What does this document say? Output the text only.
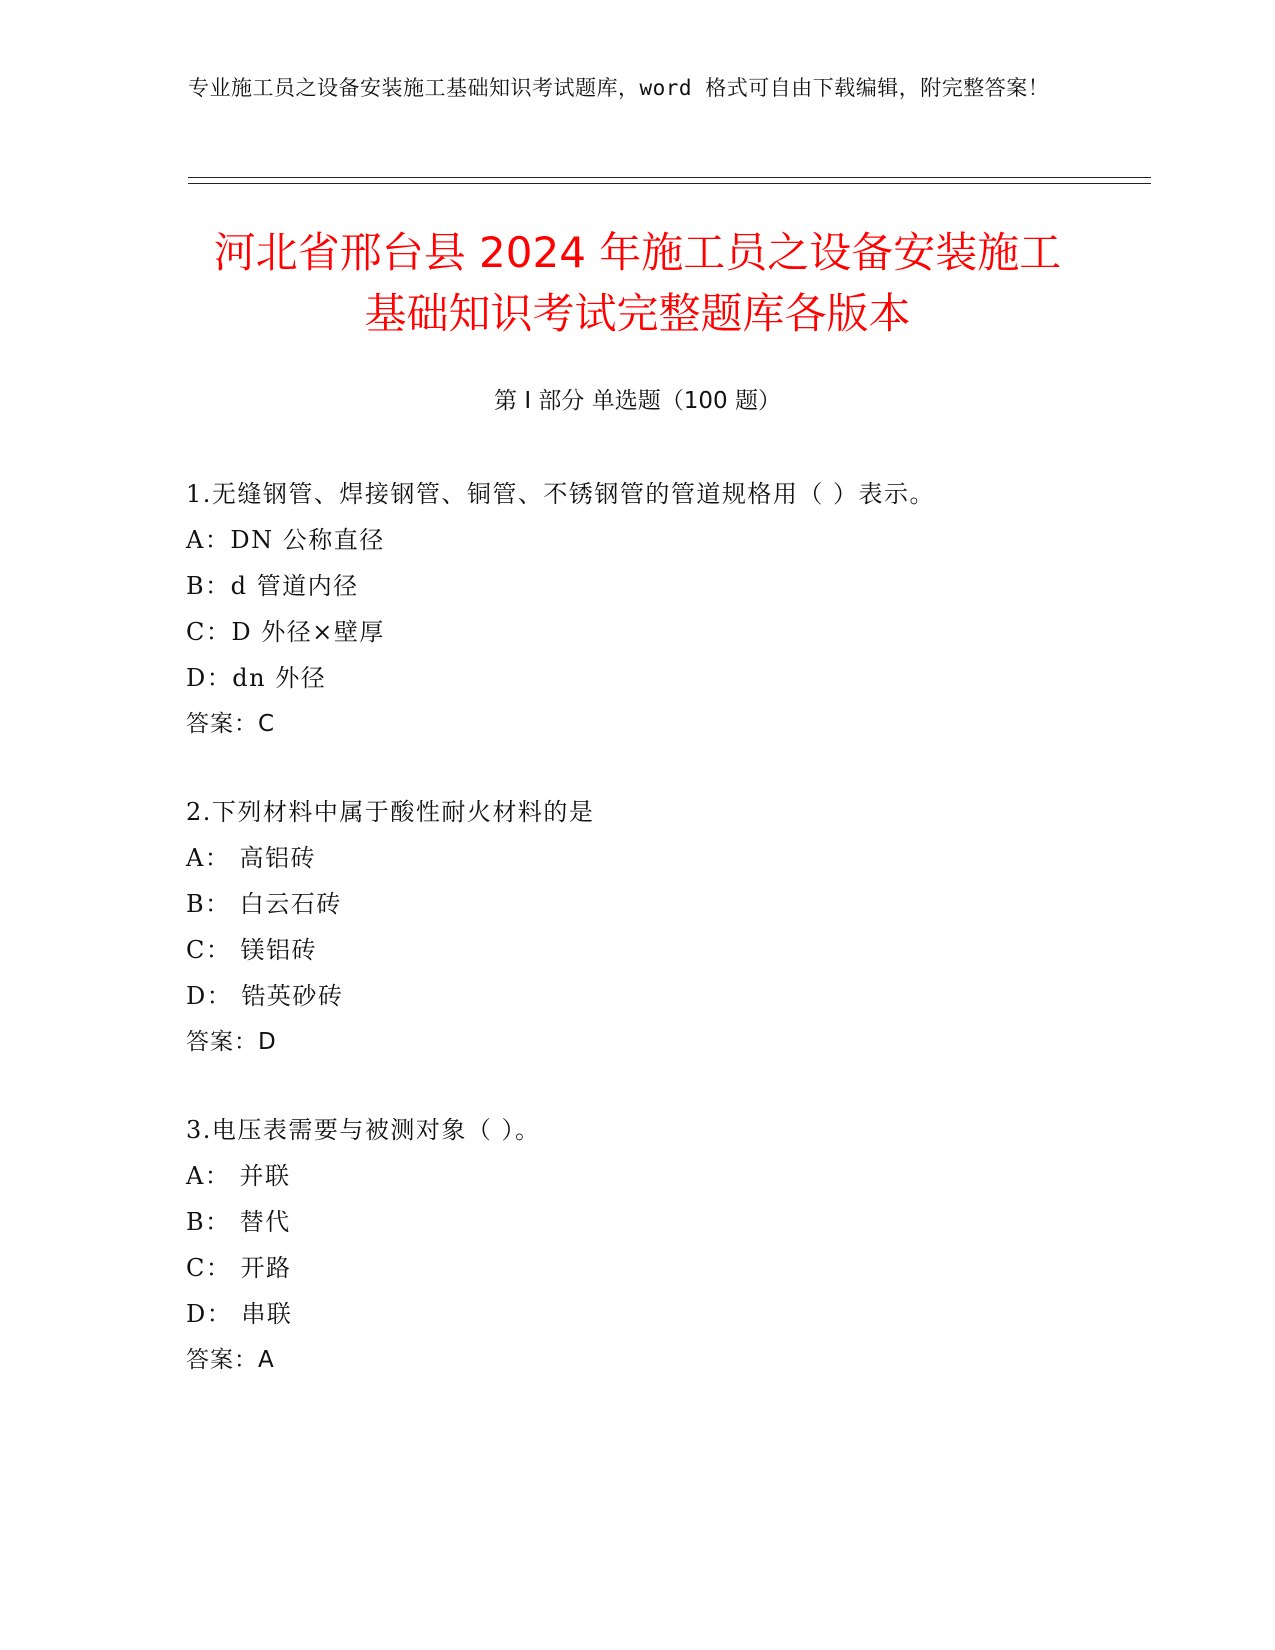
专业施工员之设备安装施工基础知识考试题库，word 格式可自由下载编辑，附完整答案！
河北省邢台县 2024 年施工员之设备安装施工
基础知识考试完整题库各版本
第 I 部分 单选题（100 题）
1.无缝钢管、焊接钢管、铜管、不锈钢管的管道规格用（ ）表示。
A：DN 公称直径
B：d 管道内径
C：D 外径×壁厚
D：dn 外径
答案：C
2.下列材料中属于酸性耐火材料的是
A： 高铝砖
B： 白云石砖
C： 镁铝砖
D： 锆英砂砖
答案：D
3.电压表需要与被测对象（ ）。
A： 并联
B： 替代
C： 开路
D： 串联
答案：A
